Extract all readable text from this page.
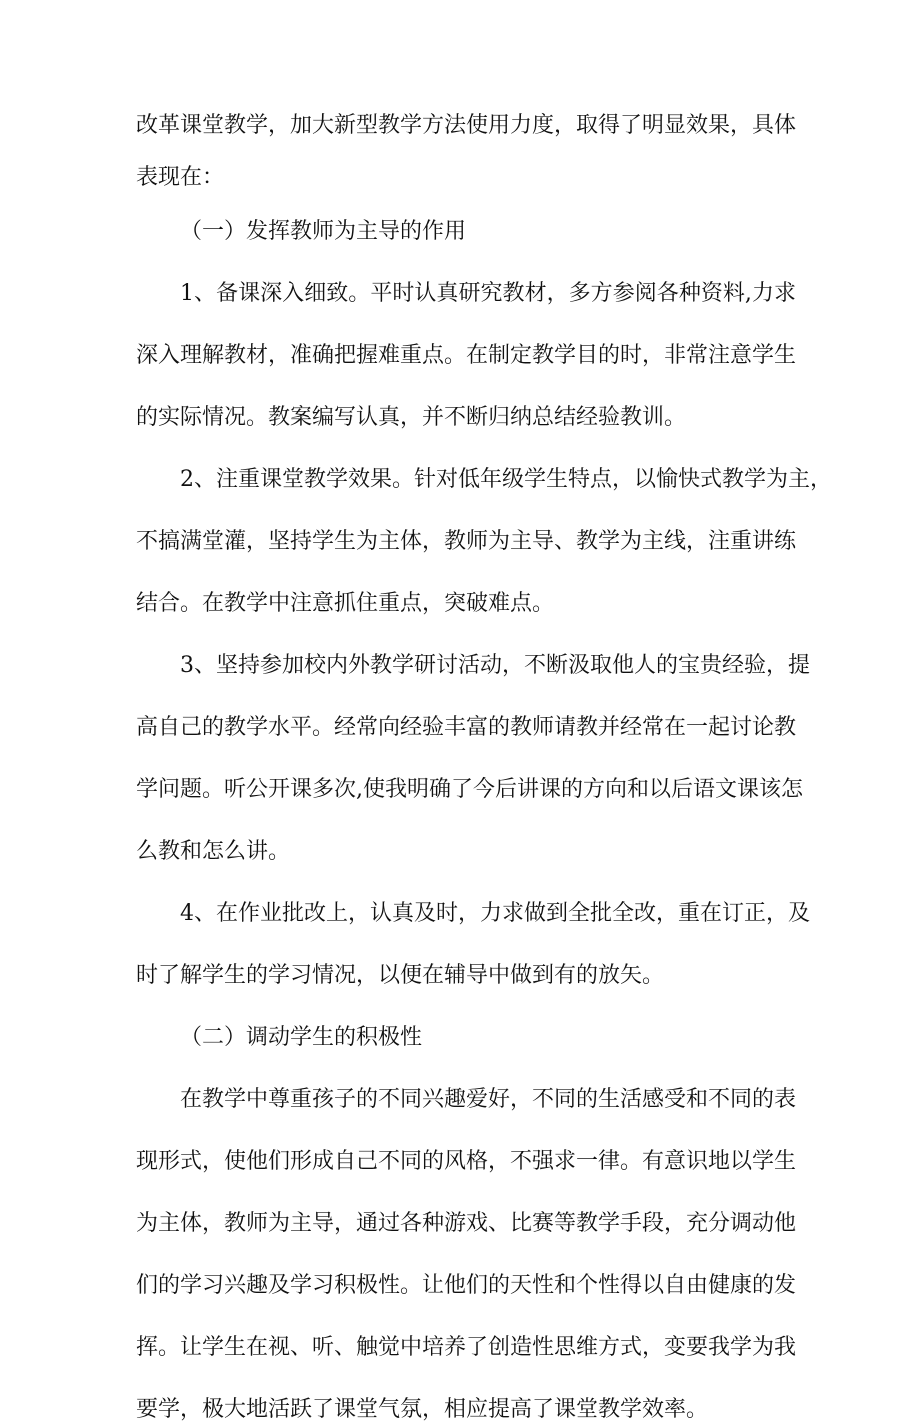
改革课堂教学，加大新型教学方法使用力度，取得了明显效果，具体
表现在：
（一）发挥教师为主导的作用
1、备课深入细致。平时认真研究教材，多方参阅各种资料,力求
深入理解教材，准确把握难重点。在制定教学目的时，非常注意学生
的实际情况。教案编写认真，并不断归纳总结经验教训。
2、注重课堂教学效果。针对低年级学生特点，以愉快式教学为主，
不搞满堂灌，坚持学生为主体，教师为主导、教学为主线，注重讲练
结合。在教学中注意抓住重点，突破难点。
3、坚持参加校内外教学研讨活动，不断汲取他人的宝贵经验，提
高自己的教学水平。经常向经验丰富的教师请教并经常在一起讨论教
学问题。听公开课多次,使我明确了今后讲课的方向和以后语文课该怎
么教和怎么讲。
4、在作业批改上，认真及时，力求做到全批全改，重在订正，及
时了解学生的学习情况，以便在辅导中做到有的放矢。
（二）调动学生的积极性
在教学中尊重孩子的不同兴趣爱好，不同的生活感受和不同的表
现形式，使他们形成自己不同的风格，不强求一律。有意识地以学生
为主体，教师为主导，通过各种游戏、比赛等教学手段，充分调动他
们的学习兴趣及学习积极性。让他们的天性和个性得以自由健康的发
挥。让学生在视、听、触觉中培养了创造性思维方式，变要我学为我
要学，极大地活跃了课堂气氛，相应提高了课堂教学效率。
